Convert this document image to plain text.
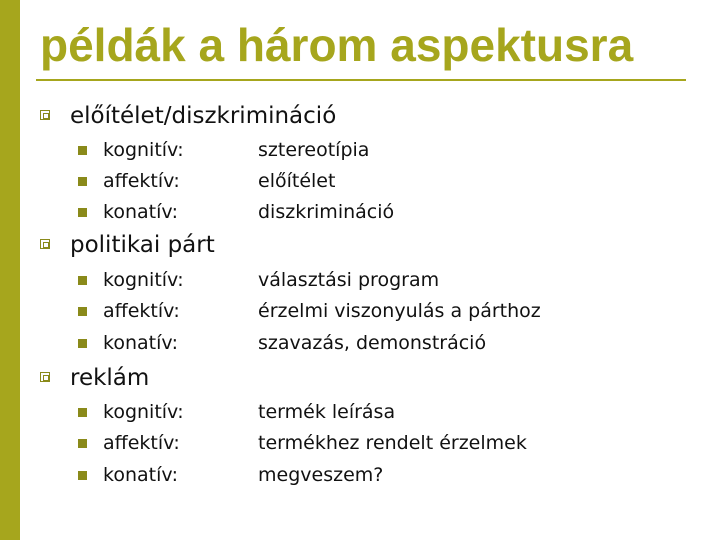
példák a három aspektusra
előítélet/diszkrimináció
kognitív:	sztereotípia
affektív:	előítélet
konatív:	diszkrimináció
politikai párt
kognitív:	választási program
affektív:	érzelmi viszonyulás a párthoz
konatív:	szavazás, demonstráció
reklám
kognitív:	termék leírása
affektív:	termékhez rendelt érzelmek
konatív:	megveszem?
